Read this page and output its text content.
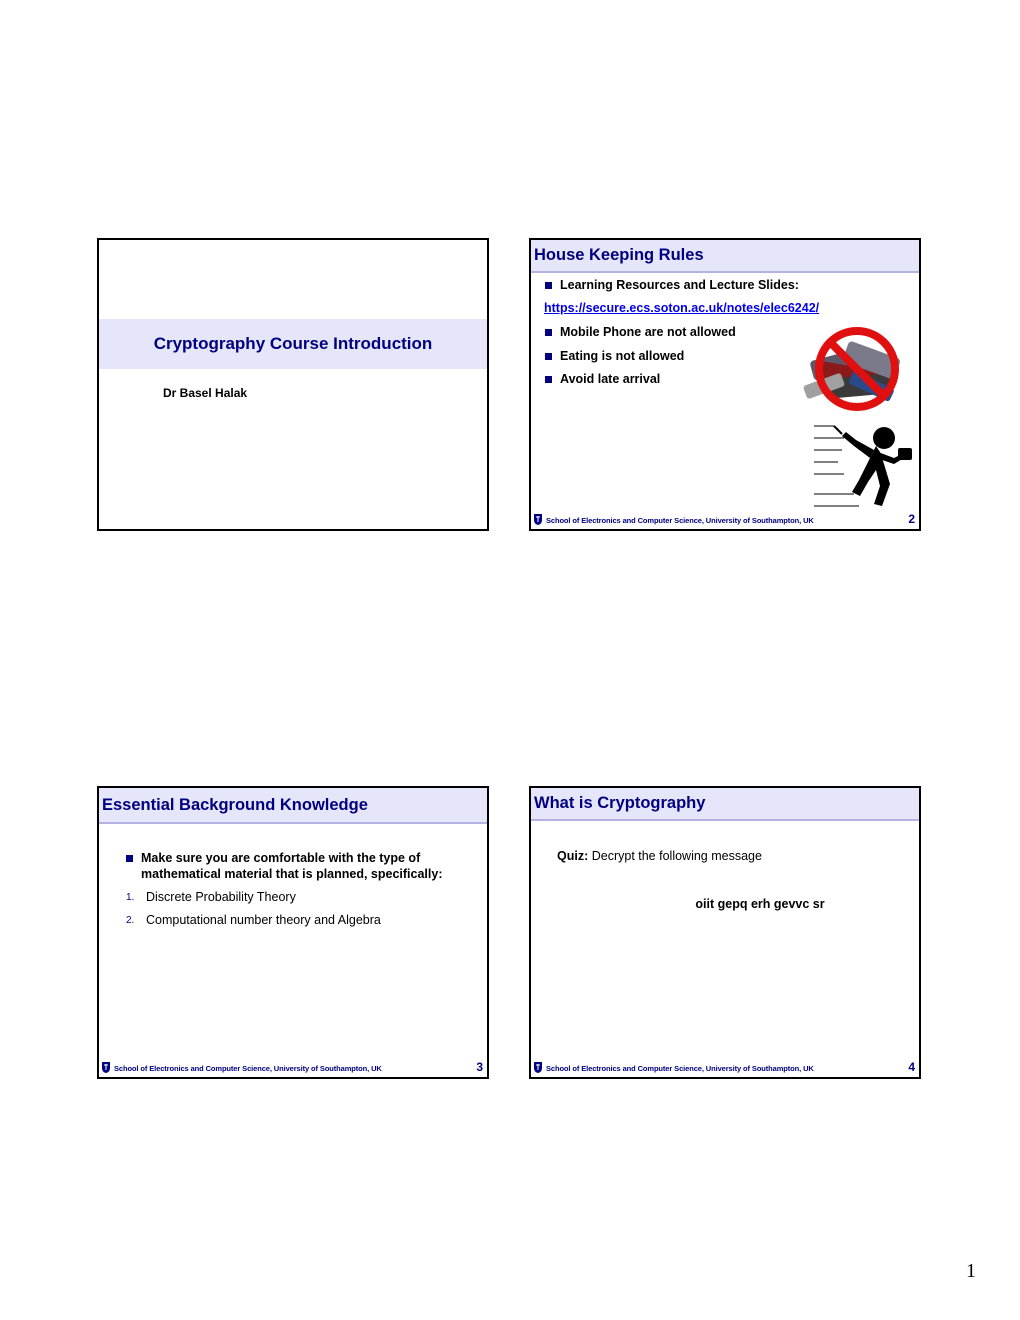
Cryptography Course Introduction
Dr Basel Halak
House Keeping Rules
Learning Resources and Lecture Slides:
https://secure.ecs.soton.ac.uk/notes/elec6242/
Mobile Phone are not allowed
Eating is not allowed
Avoid late arrival
School of Electronics and Computer Science, University of Southampton, UK	2
Essential Background Knowledge
Make sure you are comfortable with the type of mathematical material that is planned, specifically:
1. Discrete Probability Theory
2. Computational number theory and Algebra
School of Electronics and Computer Science, University of Southampton, UK	3
What is Cryptography
Quiz: Decrypt the following message
oiit gepq erh gevvc sr
School of Electronics and Computer Science, University of Southampton, UK	4
1
